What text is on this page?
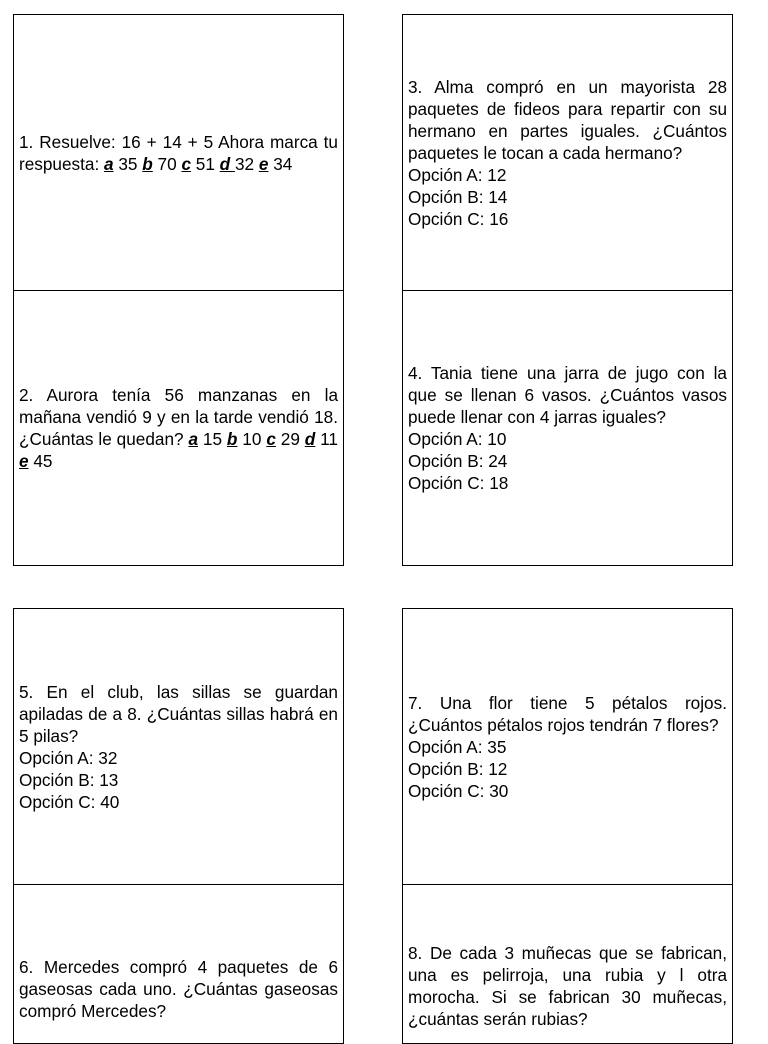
1. Resuelve: 16 + 14 + 5 Ahora marca tu respuesta: a 35 b 70 c 51 d 32 e 34
2. Aurora tenía 56 manzanas en la mañana vendió 9 y en la tarde vendió 18. ¿Cuántas le quedan? a 15 b 10 c 29 d 11 e 45
3. Alma compró en un mayorista 28 paquetes de fideos para repartir con su hermano en partes iguales. ¿Cuántos paquetes le tocan a cada hermano?
Opción A: 12
Opción B: 14
Opción C: 16
4. Tania tiene una jarra de jugo con la que se llenan 6 vasos. ¿Cuántos vasos puede llenar con 4 jarras iguales?
Opción A: 10
Opción B: 24
Opción C: 18
5. En el club, las sillas se guardan apiladas de a 8. ¿Cuántas sillas habrá en 5 pilas?
Opción A: 32
Opción B: 13
Opción C: 40
7. Una flor tiene 5 pétalos rojos. ¿Cuántos pétalos rojos tendrán 7 flores?
Opción A: 35
Opción B: 12
Opción C: 30
6. Mercedes compró 4 paquetes de 6 gaseosas cada uno. ¿Cuántas gaseosas compró Mercedes?
8. De cada 3 muñecas que se fabrican, una es pelirroja, una rubia y l otra morocha. Si se fabrican 30 muñecas, ¿cuántas serán rubias?
